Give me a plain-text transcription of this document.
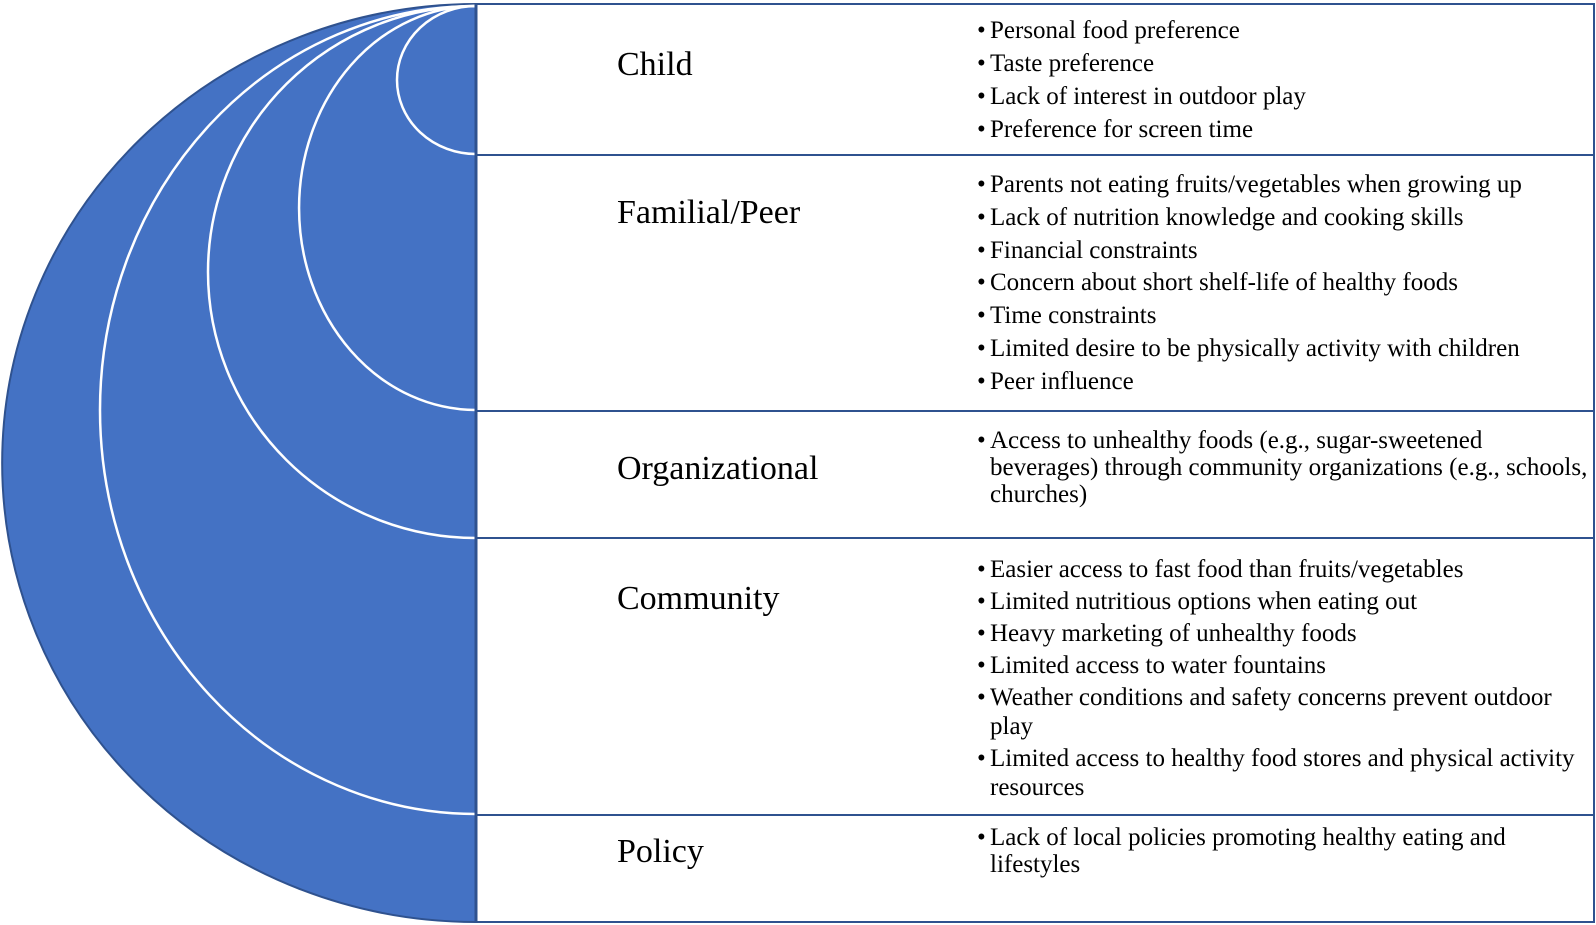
Child
• Personal food preference
• Taste preference
• Lack of interest in outdoor play
• Preference for screen time
Familial/Peer
• Parents not eating fruits/vegetables when growing up
• Lack of nutrition knowledge and cooking skills
• Financial constraints
• Concern about short shelf-life of healthy foods
• Time constraints
• Limited desire to be physically activity with children
• Peer influence
Organizational
• Access to unhealthy foods (e.g., sugar-sweetened beverages) through community organizations (e.g., schools, churches)
Community
• Easier access to fast food than fruits/vegetables
• Limited nutritious options when eating out
• Heavy marketing of unhealthy foods
• Limited access to water fountains
• Weather conditions and safety concerns prevent outdoor play
• Limited access to healthy food stores and physical activity resources
Policy
•	Lack of local policies promoting healthy eating and lifestyles
